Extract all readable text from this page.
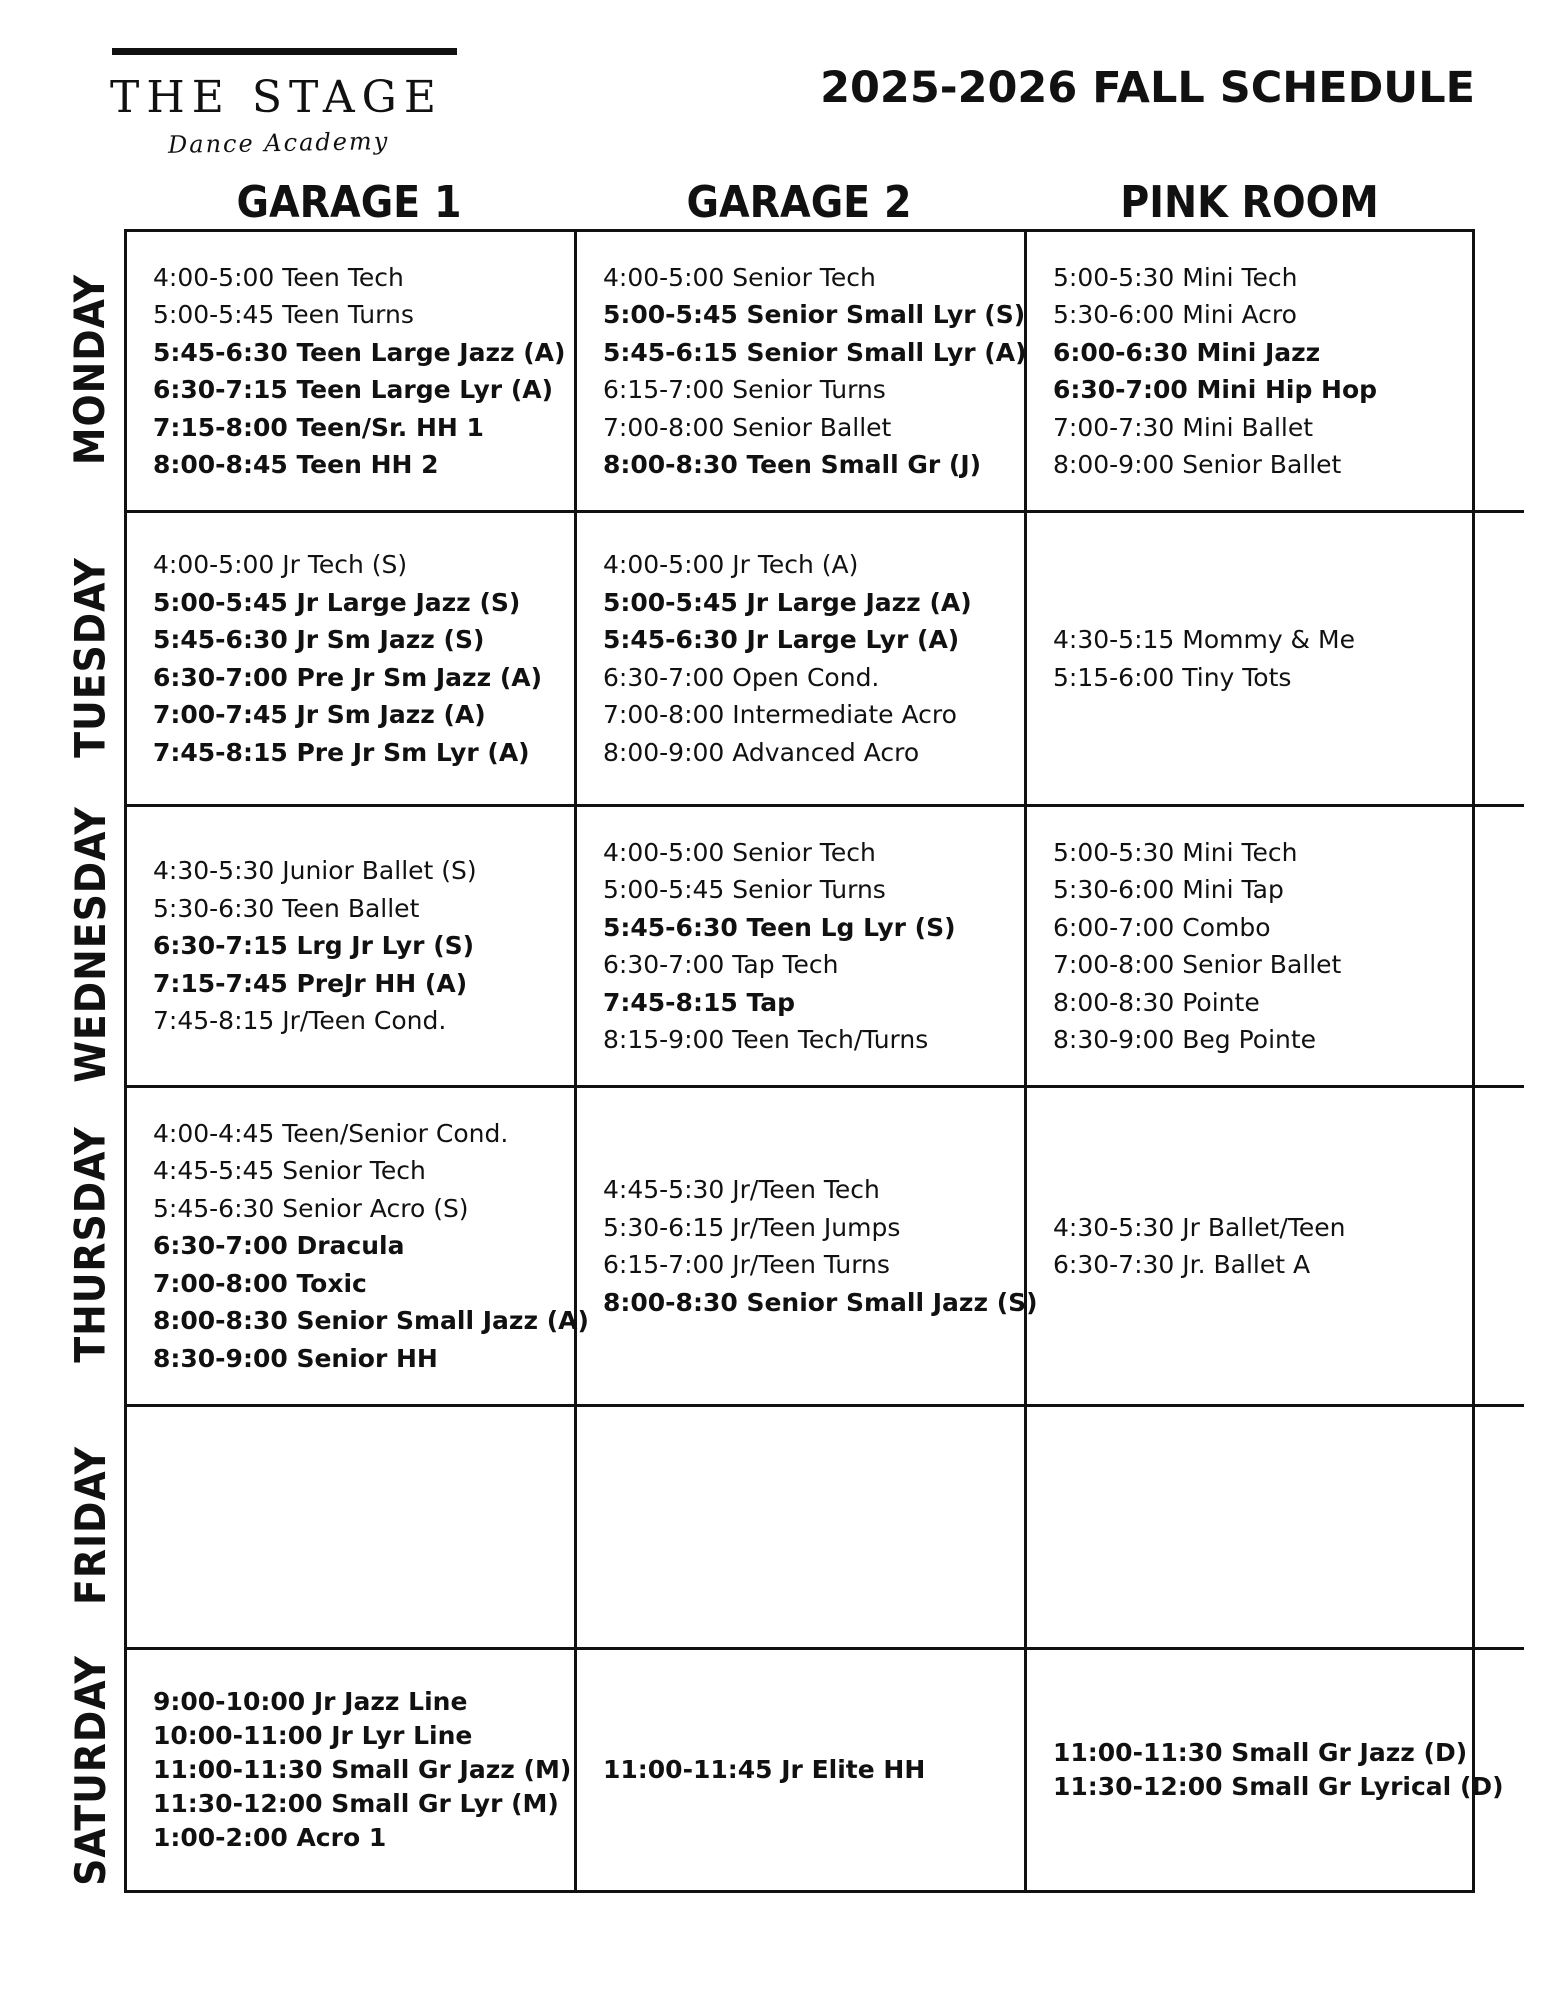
THE STAGE
Dance Academy
2025-2026 FALL SCHEDULE
GARAGE 1	GARAGE 2	PINK ROOM
MONDAY
TUESDAY
WEDNESDAY
THURSDAY
FRIDAY
SATURDAY
4:00-5:00 Teen Tech
5:00-5:45 Teen Turns
5:45-6:30 Teen Large Jazz (A)
6:30-7:15 Teen Large Lyr (A)
7:15-8:00 Teen/Sr. HH 1
8:00-8:45 Teen HH 2
4:00-5:00 Senior Tech
5:00-5:45 Senior Small Lyr (S)
5:45-6:15 Senior Small Lyr (A)
6:15-7:00 Senior Turns
7:00-8:00 Senior Ballet
8:00-8:30 Teen Small Gr (J)
5:00-5:30 Mini Tech
5:30-6:00 Mini Acro
6:00-6:30 Mini Jazz
6:30-7:00 Mini Hip Hop
7:00-7:30 Mini Ballet
8:00-9:00 Senior Ballet
4:00-5:00 Jr Tech (S)
5:00-5:45 Jr Large Jazz (S)
5:45-6:30 Jr Sm Jazz (S)
6:30-7:00 Pre Jr Sm Jazz (A)
7:00-7:45 Jr Sm Jazz (A)
7:45-8:15 Pre Jr Sm Lyr (A)
4:00-5:00 Jr Tech (A)
5:00-5:45 Jr Large Jazz (A)
5:45-6:30 Jr Large Lyr (A)
6:30-7:00 Open Cond.
7:00-8:00 Intermediate Acro
8:00-9:00 Advanced Acro
4:30-5:15 Mommy & Me
5:15-6:00 Tiny Tots
4:30-5:30 Junior Ballet (S)
5:30-6:30 Teen Ballet
6:30-7:15 Lrg Jr Lyr (S)
7:15-7:45 PreJr HH (A)
7:45-8:15 Jr/Teen Cond.
4:00-5:00 Senior Tech
5:00-5:45 Senior Turns
5:45-6:30 Teen Lg Lyr (S)
6:30-7:00 Tap Tech
7:45-8:15 Tap
8:15-9:00 Teen Tech/Turns
5:00-5:30 Mini Tech
5:30-6:00 Mini Tap
6:00-7:00 Combo
7:00-8:00 Senior Ballet
8:00-8:30 Pointe
8:30-9:00 Beg Pointe
4:00-4:45 Teen/Senior Cond.
4:45-5:45 Senior Tech
5:45-6:30 Senior Acro (S)
6:30-7:00 Dracula
7:00-8:00 Toxic
8:00-8:30 Senior Small Jazz (A)
8:30-9:00 Senior HH
4:45-5:30 Jr/Teen Tech
5:30-6:15 Jr/Teen Jumps
6:15-7:00 Jr/Teen Turns
8:00-8:30 Senior Small Jazz (S)
4:30-5:30 Jr Ballet/Teen
6:30-7:30 Jr. Ballet A
9:00-10:00 Jr Jazz Line
10:00-11:00 Jr Lyr Line
11:00-11:30 Small Gr Jazz (M)
11:30-12:00 Small Gr Lyr (M)
1:00-2:00 Acro 1
11:00-11:45 Jr Elite HH
11:00-11:30 Small Gr Jazz (D)
11:30-12:00 Small Gr Lyrical (D)
